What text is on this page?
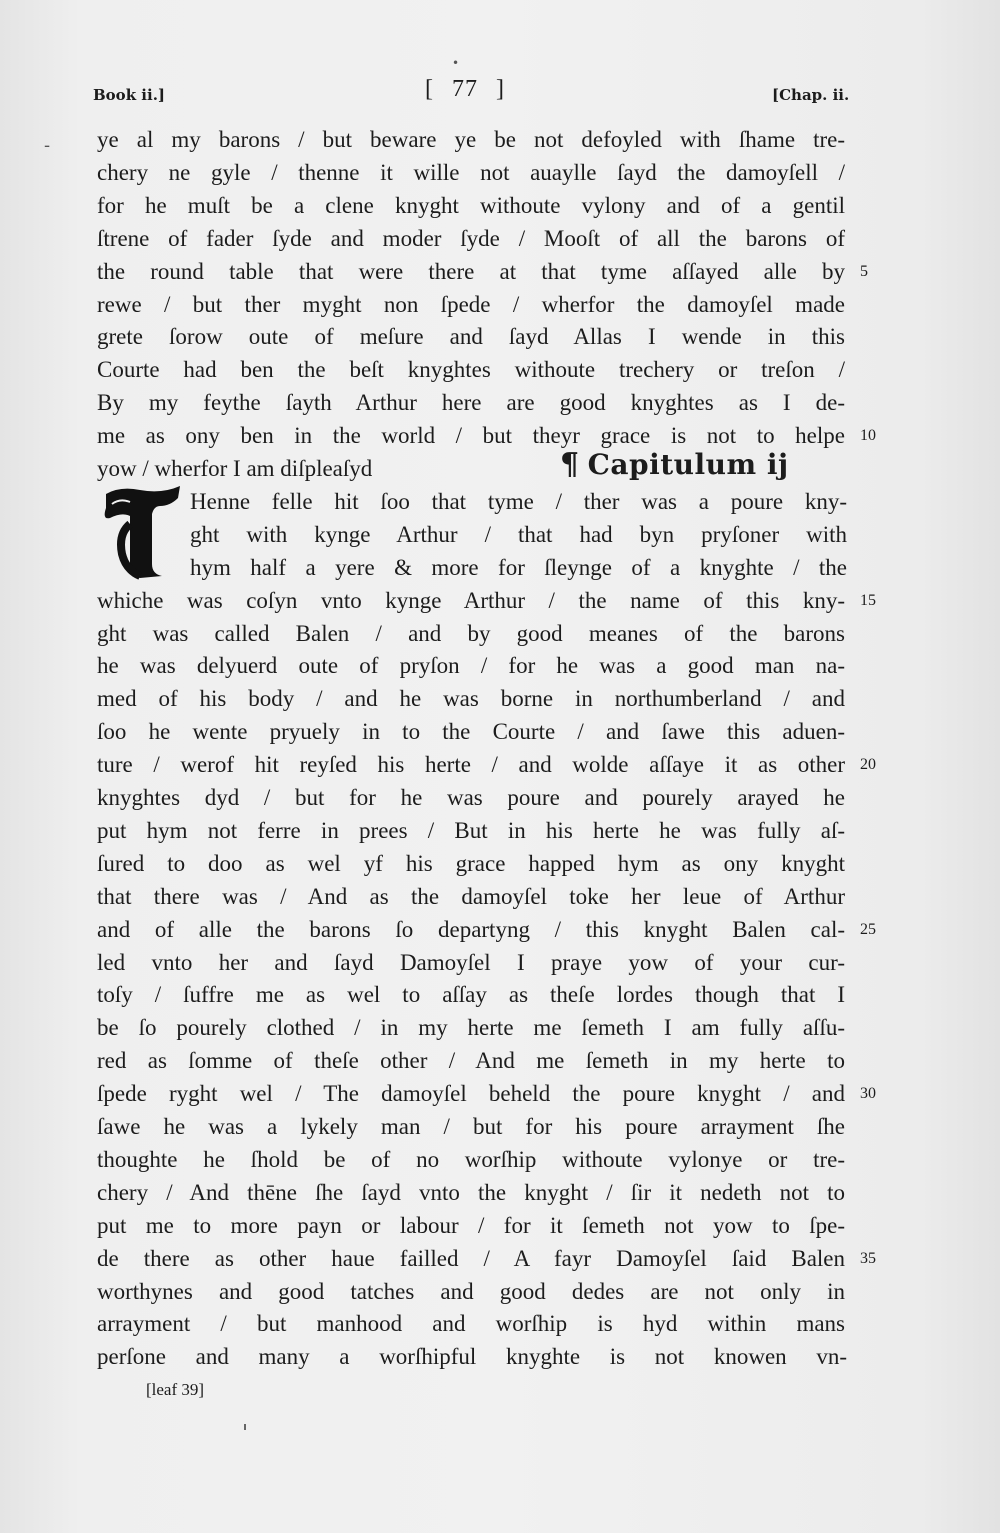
•
-
Book ii.]	[ 77 ]	[Chap. ii.
ye al my barons / but beware ye be not defoyled with ſhame tre-
chery ne gyle / thenne it wille not auaylle ſayd the damoyſell /
for he muſt be a clene knyght withoute vylony and of a gentil
ſtrene of fader ſyde and moder ſyde / Mooſt of all the barons of
the round table that were there at that tyme aſſayed alle by
rewe / but ther myght non ſpede / wherfor the damoyſel made
grete ſorow oute of meſure and ſayd Allas I wende in this
Courte had ben the beſt knyghtes withoute trechery or treſon /
By my feythe ſayth Arthur here are good knyghtes as I de-
me as ony ben in the world / but theyr grace is not to helpe
yow / wherfor I am diſpleaſyd
Henne felle hit ſoo that tyme / ther was a poure kny-
ght with kynge Arthur / that had byn pryſoner with
hym half a yere & more for ſleynge of a knyghte / the
whiche was coſyn vnto kynge Arthur / the name of this kny-
ght was called Balen / and by good meanes of the barons
he was delyuerd oute of pryſon / for he was a good man na-
med of his body / and he was borne in northumberland / and
ſoo he wente pryuely in to the Courte / and ſawe this aduen-
ture / werof hit reyſed his herte / and wolde aſſaye it as other
knyghtes dyd / but for he was poure and pourely arayed he
put hym not ferre in prees / But in his herte he was fully aſ-
ſured to doo as wel yf his grace happed hym as ony knyght
that there was / And as the damoyſel toke her leue of Arthur
and of alle the barons ſo departyng / this knyght Balen cal-
led vnto her and ſayd Damoyſel I praye yow of your cur-
toſy / ſuffre me as wel to aſſay as theſe lordes though that I
be ſo pourely clothed / in my herte me ſemeth I am fully aſſu-
red as ſomme of theſe other / And me ſemeth in my herte to
ſpede ryght wel / The damoyſel beheld the poure knyght / and
ſawe he was a lykely man / but for his poure arrayment ſhe
thoughte he ſhold be of no worſhip withoute vylonye or tre-
chery / And thēne ſhe ſayd vnto the knyght / ſir it nedeth not to
put me to more payn or labour / for it ſemeth not yow to ſpe-
de there as other haue failled / A fayr Damoyſel ſaid Balen
worthynes and good tatches and good dedes are not only in
arrayment / but manhood and worſhip is hyd within mans
perſone and many a worſhipful knyghte is not knowen vn-
¶ Capitulum ij
5
10
15
20
25
30
35
[leaf 39]
